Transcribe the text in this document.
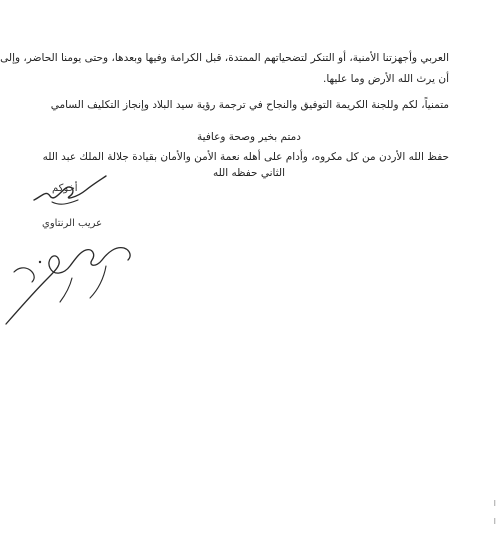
العربي وأجهزتنا الأمنية، أو التنكر لتضحياتهم الممتدة، قبل الكرامة وفيها وبعدها، وحتى يومنا الحاضر، وإلى
أن يرث الله الأرض وما عليها.
متمنياً، لكم وللجنة الكريمة التوفيق والنجاح في ترجمة رؤية سيد البلاد وإنجاز التكليف السامي
دمتم بخير وصحة وعافية
حفظ الله الأردن من كل مكروه، وأدام على أهله نعمة الأمن والأمان بقيادة جلالة الملك عبد الله
الثاني حفظه الله
أخوكم
عريب الرنتاوي
׀
׀
